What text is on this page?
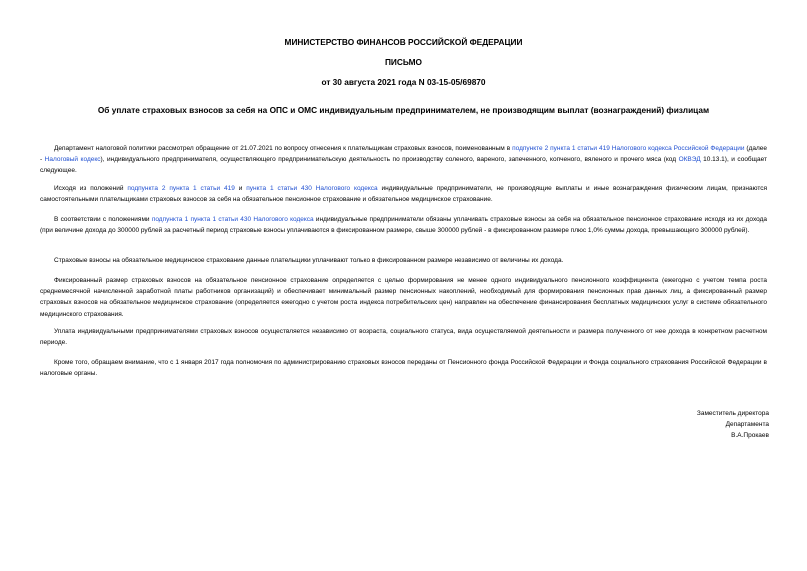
МИНИСТЕРСТВО ФИНАНСОВ РОССИЙСКОЙ ФЕДЕРАЦИИ
ПИСЬМО
от 30 августа 2021 года N 03-15-05/69870
Об уплате страховых взносов за себя на ОПС и ОМС индивидуальным предпринимателем, не производящим выплат (вознаграждений) физлицам

Департамент налоговой политики рассмотрел обращение от 21.07.2021 по вопросу отнесения к плательщикам страховых взносов, поименованным в подпункте 2 пункта 1 статьи 419 Налогового кодекса Российской Федерации (далее - Налоговый кодекс), индивидуального предпринимателя, осуществляющего предпринимательскую деятельность по производству соленого, вареного, запеченного, копченого, вяленого и прочего мяса (код ОКВЭД 10.13.1), и сообщает следующее.

Исходя из положений подпункта 2 пункта 1 статьи 419 и пункта 1 статьи 430 Налогового кодекса индивидуальные предприниматели, не производящие выплаты и иные вознаграждения физическим лицам, признаются самостоятельными плательщиками страховых взносов за себя на обязательное пенсионное страхование и обязательное медицинское страхование.

В соответствии с положениями подпункта 1 пункта 1 статьи 430 Налогового кодекса индивидуальные предприниматели обязаны уплачивать страховые взносы за себя на обязательное пенсионное страхование исходя из их дохода (при величине дохода до 300000 рублей за расчетный период страховые взносы уплачиваются в фиксированном размере, свыше 300000 рублей - в фиксированном размере плюс 1,0% суммы дохода, превышающего 300000 рублей).

Страховые взносы на обязательное медицинское страхование данные плательщики уплачивают только в фиксированном размере независимо от величины их дохода.

Фиксированный размер страховых взносов на обязательное пенсионное страхование определяется с целью формирования не менее одного индивидуального пенсионного коэффициента (ежегодно с учетом темпа роста среднемесячной начисленной заработной платы работников организаций) и обеспечивает минимальный размер пенсионных накоплений, необходимый для формирования пенсионных прав данных лиц, а фиксированный размер страховых взносов на обязательное медицинское страхование (определяется ежегодно с учетом роста индекса потребительских цен) направлен на обеспечение финансирования бесплатных медицинских услуг в системе обязательного медицинского страхования.

Уплата индивидуальными предпринимателями страховых взносов осуществляется независимо от возраста, социального статуса, вида осуществляемой деятельности и размера полученного от нее дохода в конкретном расчетном периоде.

Кроме того, обращаем внимание, что с 1 января 2017 года полномочия по администрированию страховых взносов переданы от Пенсионного фонда Российской Федерации и Фонда социального страхования Российской Федерации в налоговые органы.

Заместитель директора
Департамента
В.А.Прокаев
